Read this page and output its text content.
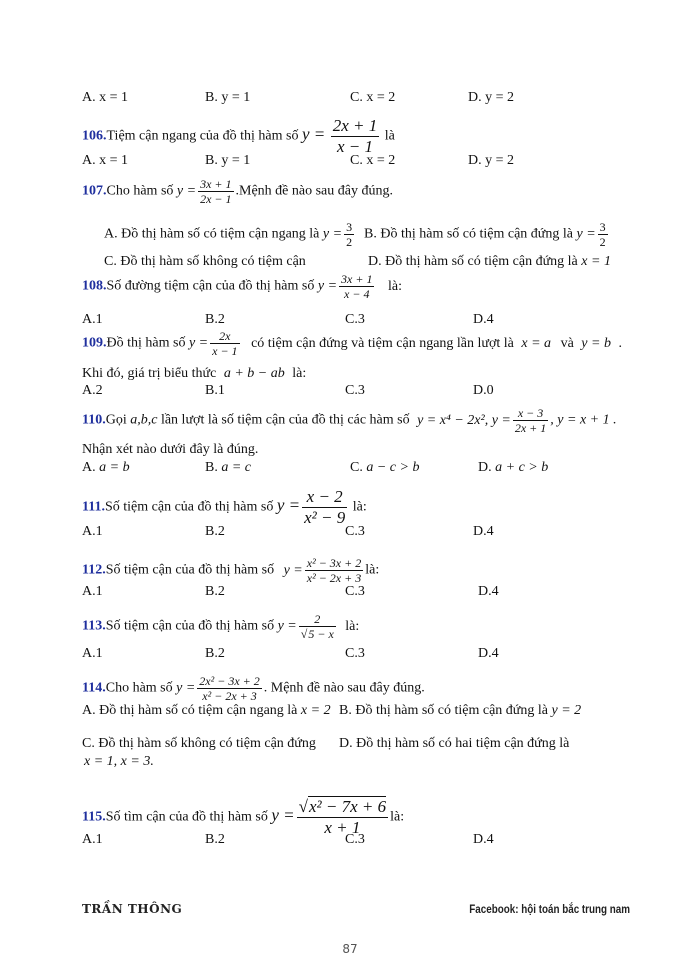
A. x = 1	B. y = 1	C. x = 2	D. y = 2
106.Tiệm cận ngang của đồ thị hàm số $y = \frac{2x + 1}{x - 1}$ là
A. x = 1	B. y = 1	C. x = 2	D. y = 2
107.Cho hàm số $y = \frac{3x + 1}{2x - 1}$ .Mệnh đề nào sau đây đúng.
A. Đồ thị hàm số có tiệm cận ngang là $y = \frac{3}{2} B$. Đồ thị hàm số có tiệm cận đứng là $y = \frac{3}{2}$
C. Đồ thị hàm số không có tiệm cận	D. Đồ thị hàm số có tiệm cận đứng là x = 1
108.Số đường tiệm cận của đồ thị hàm số $y = \frac{3x + 1}{x - 4}$ là:
A.1	B.2	C.3	D.4
109.Đồ thị hàm số $y = \frac{2x}{x - 1}$ có tiệm cận đứng và tiệm cận ngang lần lượt là x = a và y = b .
Khi đó, giá trị biểu thức a + b − ab là:
A.2	B.1	C.3	D.0
110.Gọi a,b,c lần lượt là số tiệm cận của đồ thị các hàm số y = x⁴ − 2x², $y = \frac{x - 3}{2x + 1}$ , y = x + 1 .
Nhận xét nào dưới đây là đúng.
A. a = b	B. a = c	C. a − c > b	D. a + c > b
111.Số tiệm cận của đồ thị hàm số $y = \frac{x - 2}{\text{x² − 9}}$ là:
A.1	B.2	C.3	D.4
112.Số tiệm cận của đồ thị hàm số $y = \frac{\text{x² − 3x + 2}}{\text{x² − 2x + 3}}$ là:
A.1	B.2	C.3	D.4
113.Số tiệm cận của đồ thị hàm số $y = \frac{2}{√5 - x}$ là:
A.1	B.2	C.3	D.4
114.Cho hàm số $y = \frac{\text{2x² − 3x + 2}}{\text{x² − 2x + 3}}$ . Mệnh đề nào sau đây đúng.
A. Đồ thị hàm số có tiệm cận ngang là x = 2 B. Đồ thị hàm số có tiệm cận đứng là y = 2
C. Đồ thị hàm số không có tiệm cận đứng D. Đồ thị hàm số có hai tiệm cận đứng là
x = 1, x = 3.
115.Số tìm cận của đồ thị hàm số $y = \frac{\text{√x² − 7x + 6}}{x + 1}$ là:
A.1	B.2	C.3	D.4
TRẦN THÔNG	Facebook: hội toán bắc trung nam
87
